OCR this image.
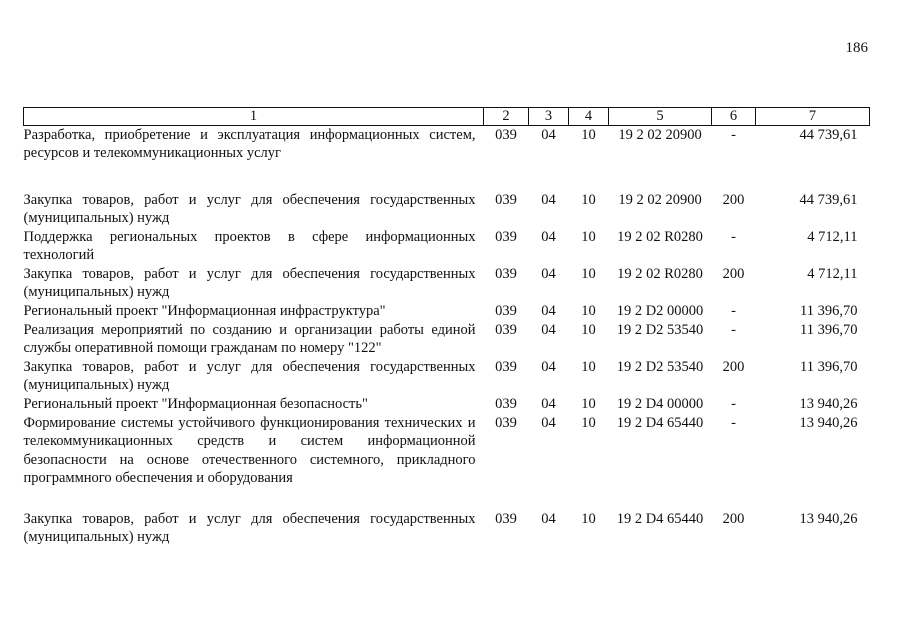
186
1	2	3	4	5	6	7
Разработка, приобретение и эксплуатация информационных систем, ресурсов и телекоммуникационных услуг	039	04	10	19 2 02 20900	-	44 739,61
Закупка товаров, работ и услуг для обеспечения государственных (муниципальных) нужд	039	04	10	19 2 02 20900	200	44 739,61
Поддержка региональных проектов в сфере информационных технологий	039	04	10	19 2 02 R0280	-	4 712,11
Закупка товаров, работ и услуг для обеспечения государственных (муниципальных) нужд	039	04	10	19 2 02 R0280	200	4 712,11
Региональный проект "Информационная инфраструктура"	039	04	10	19 2 D2 00000	-	11 396,70
Реализация мероприятий по созданию и организации работы единой службы оперативной помощи гражданам по номеру "122"	039	04	10	19 2 D2 53540	-	11 396,70
Закупка товаров, работ и услуг для обеспечения государственных (муниципальных) нужд	039	04	10	19 2 D2 53540	200	11 396,70
Региональный проект "Информационная безопасность"	039	04	10	19 2 D4 00000	-	13 940,26
Формирование системы устойчивого функционирования технических и телекоммуникационных средств и систем информационной безопасности на основе отечественного системного, прикладного программного обеспечения и оборудования	039	04	10	19 2 D4 65440	-	13 940,26
Закупка товаров, работ и услуг для обеспечения государственных (муниципальных) нужд	039	04	10	19 2 D4 65440	200	13 940,26
